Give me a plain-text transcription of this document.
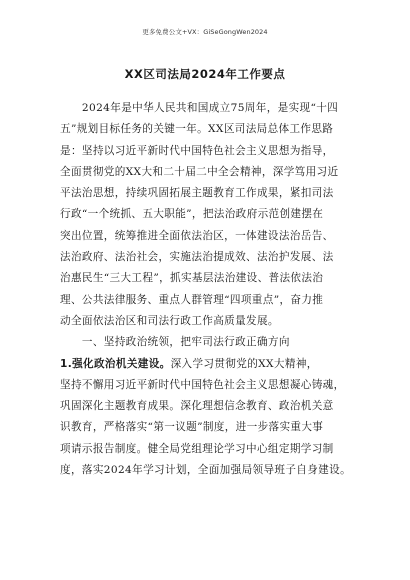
更多免费公文+VX：GiSeGongWen2024
XX区司法局2024年工作要点
　　2024年是中华人民共和国成立75周年，是实现“十四
五”规划目标任务的关键一年。XX区司法局总体工作思路
是：坚持以习近平新时代中国特色社会主义思想为指导，
全面贯彻党的XX大和二十届二中全会精神，深学笃用习近
平法治思想，持续巩固拓展主题教育工作成果，紧扣司法
行政“一个统抓、五大职能”，把法治政府示范创建摆在
突出位置，统筹推进全面依法治区，一体建设法治岳告、
法治政府、法治社会，实施法治提成效、法治护发展、法
治惠民生“三大工程”，抓实基层法治建设、普法依法治
理、公共法律服务、重点人群管理“四项重点”，奋力推
动全面依法治区和司法行政工作高质量发展。
　　一、坚持政治统领，把牢司法行政正确方向
1.强化政治机关建设。深入学习贯彻党的XX大精神，
坚持不懈用习近平新时代中国特色社会主义思想凝心铸魂，
巩固深化主题教育成果。深化理想信念教育、政治机关意
识教育，严格落实“第一议题”制度，进一步落实重大事
项请示报告制度。健全局党组理论学习中心组定期学习制
度，落实2024年学习计划，全面加强局领导班子自身建设。
